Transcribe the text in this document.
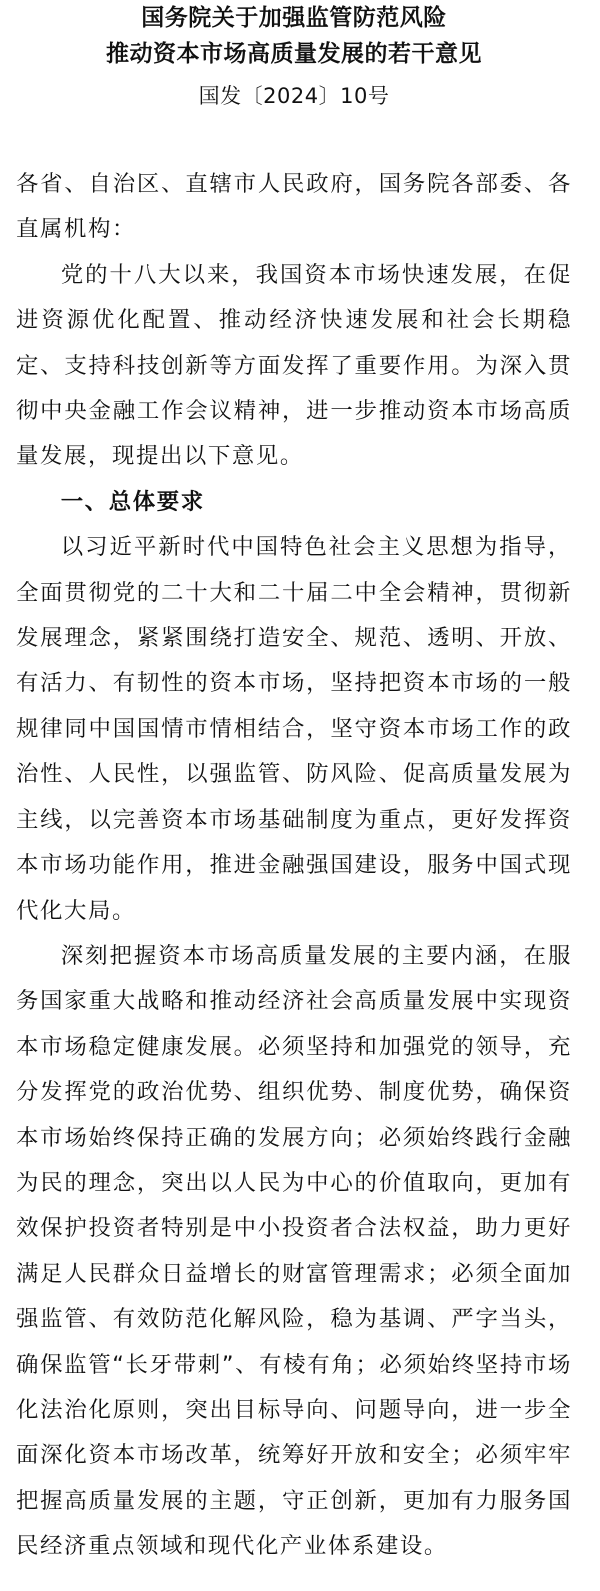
国务院关于加强监管防范风险
推动资本市场高质量发展的若干意见
国发〔2024〕10号

各省、自治区、直辖市人民政府，国务院各部委、各直属机构：

党的十八大以来，我国资本市场快速发展，在促进资源优化配置、推动经济快速发展和社会长期稳定、支持科技创新等方面发挥了重要作用。为深入贯彻中央金融工作会议精神，进一步推动资本市场高质量发展，现提出以下意见。

一、总体要求

以习近平新时代中国特色社会主义思想为指导，全面贯彻党的二十大和二十届二中全会精神，贯彻新发展理念，紧紧围绕打造安全、规范、透明、开放、有活力、有韧性的资本市场，坚持把资本市场的一般规律同中国国情市情相结合，坚守资本市场工作的政治性、人民性，以强监管、防风险、促高质量发展为主线，以完善资本市场基础制度为重点，更好发挥资本市场功能作用，推进金融强国建设，服务中国式现代化大局。

深刻把握资本市场高质量发展的主要内涵，在服务国家重大战略和推动经济社会高质量发展中实现资本市场稳定健康发展。必须坚持和加强党的领导，充分发挥党的政治优势、组织优势、制度优势，确保资本市场始终保持正确的发展方向；必须始终践行金融为民的理念，突出以人民为中心的价值取向，更加有效保护投资者特别是中小投资者合法权益，助力更好满足人民群众日益增长的财富管理需求；必须全面加强监管、有效防范化解风险，稳为基调、严字当头，确保监管“长牙带刺”、有棱有角；必须始终坚持市场化法治化原则，突出目标导向、问题导向，进一步全面深化资本市场改革，统筹好开放和安全；必须牢牢把握高质量发展的主题，守正创新，更加有力服务国民经济重点领域和现代化产业体系建设。
